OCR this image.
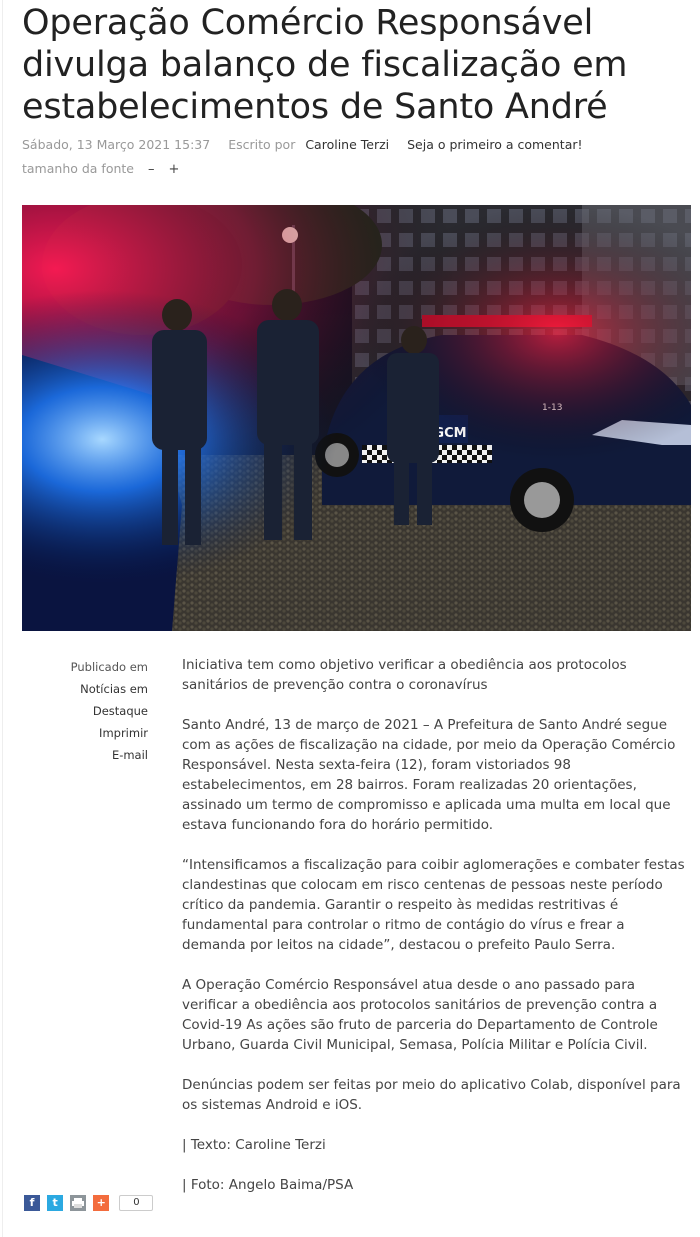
Operação Comércio Responsável divulga balanço de fiscalização em estabelecimentos de Santo André
Sábado, 13 Março 2021 15:37 Escrito por Caroline Terzi Seja o primeiro a comentar!
tamanho da fonte – +
Publicado em
Notícias em
Destaque
Imprimir
E-mail

Iniciativa tem como objetivo verificar a obediência aos protocolos sanitários de prevenção contra o coronavírus

Santo André, 13 de março de 2021 – A Prefeitura de Santo André segue com as ações de fiscalização na cidade, por meio da Operação Comércio Responsável. Nesta sexta-feira (12), foram vistoriados 98 estabelecimentos, em 28 bairros. Foram realizadas 20 orientações, assinado um termo de compromisso e aplicada uma multa em local que estava funcionando fora do horário permitido.

“Intensificamos a fiscalização para coibir aglomerações e combater festas clandestinas que colocam em risco centenas de pessoas neste período crítico da pandemia. Garantir o respeito às medidas restritivas é fundamental para controlar o ritmo de contágio do vírus e frear a demanda por leitos na cidade”, destacou o prefeito Paulo Serra.

A Operação Comércio Responsável atua desde o ano passado para verificar a obediência aos protocolos sanitários de prevenção contra a Covid-19 As ações são fruto de parceria do Departamento de Controle Urbano, Guarda Civil Municipal, Semasa, Polícia Militar e Polícia Civil.

Denúncias podem ser feitas por meio do aplicativo Colab, disponível para os sistemas Android e iOS.

| Texto: Caroline Terzi

| Foto: Angelo Baima/PSA

f t	+	0
